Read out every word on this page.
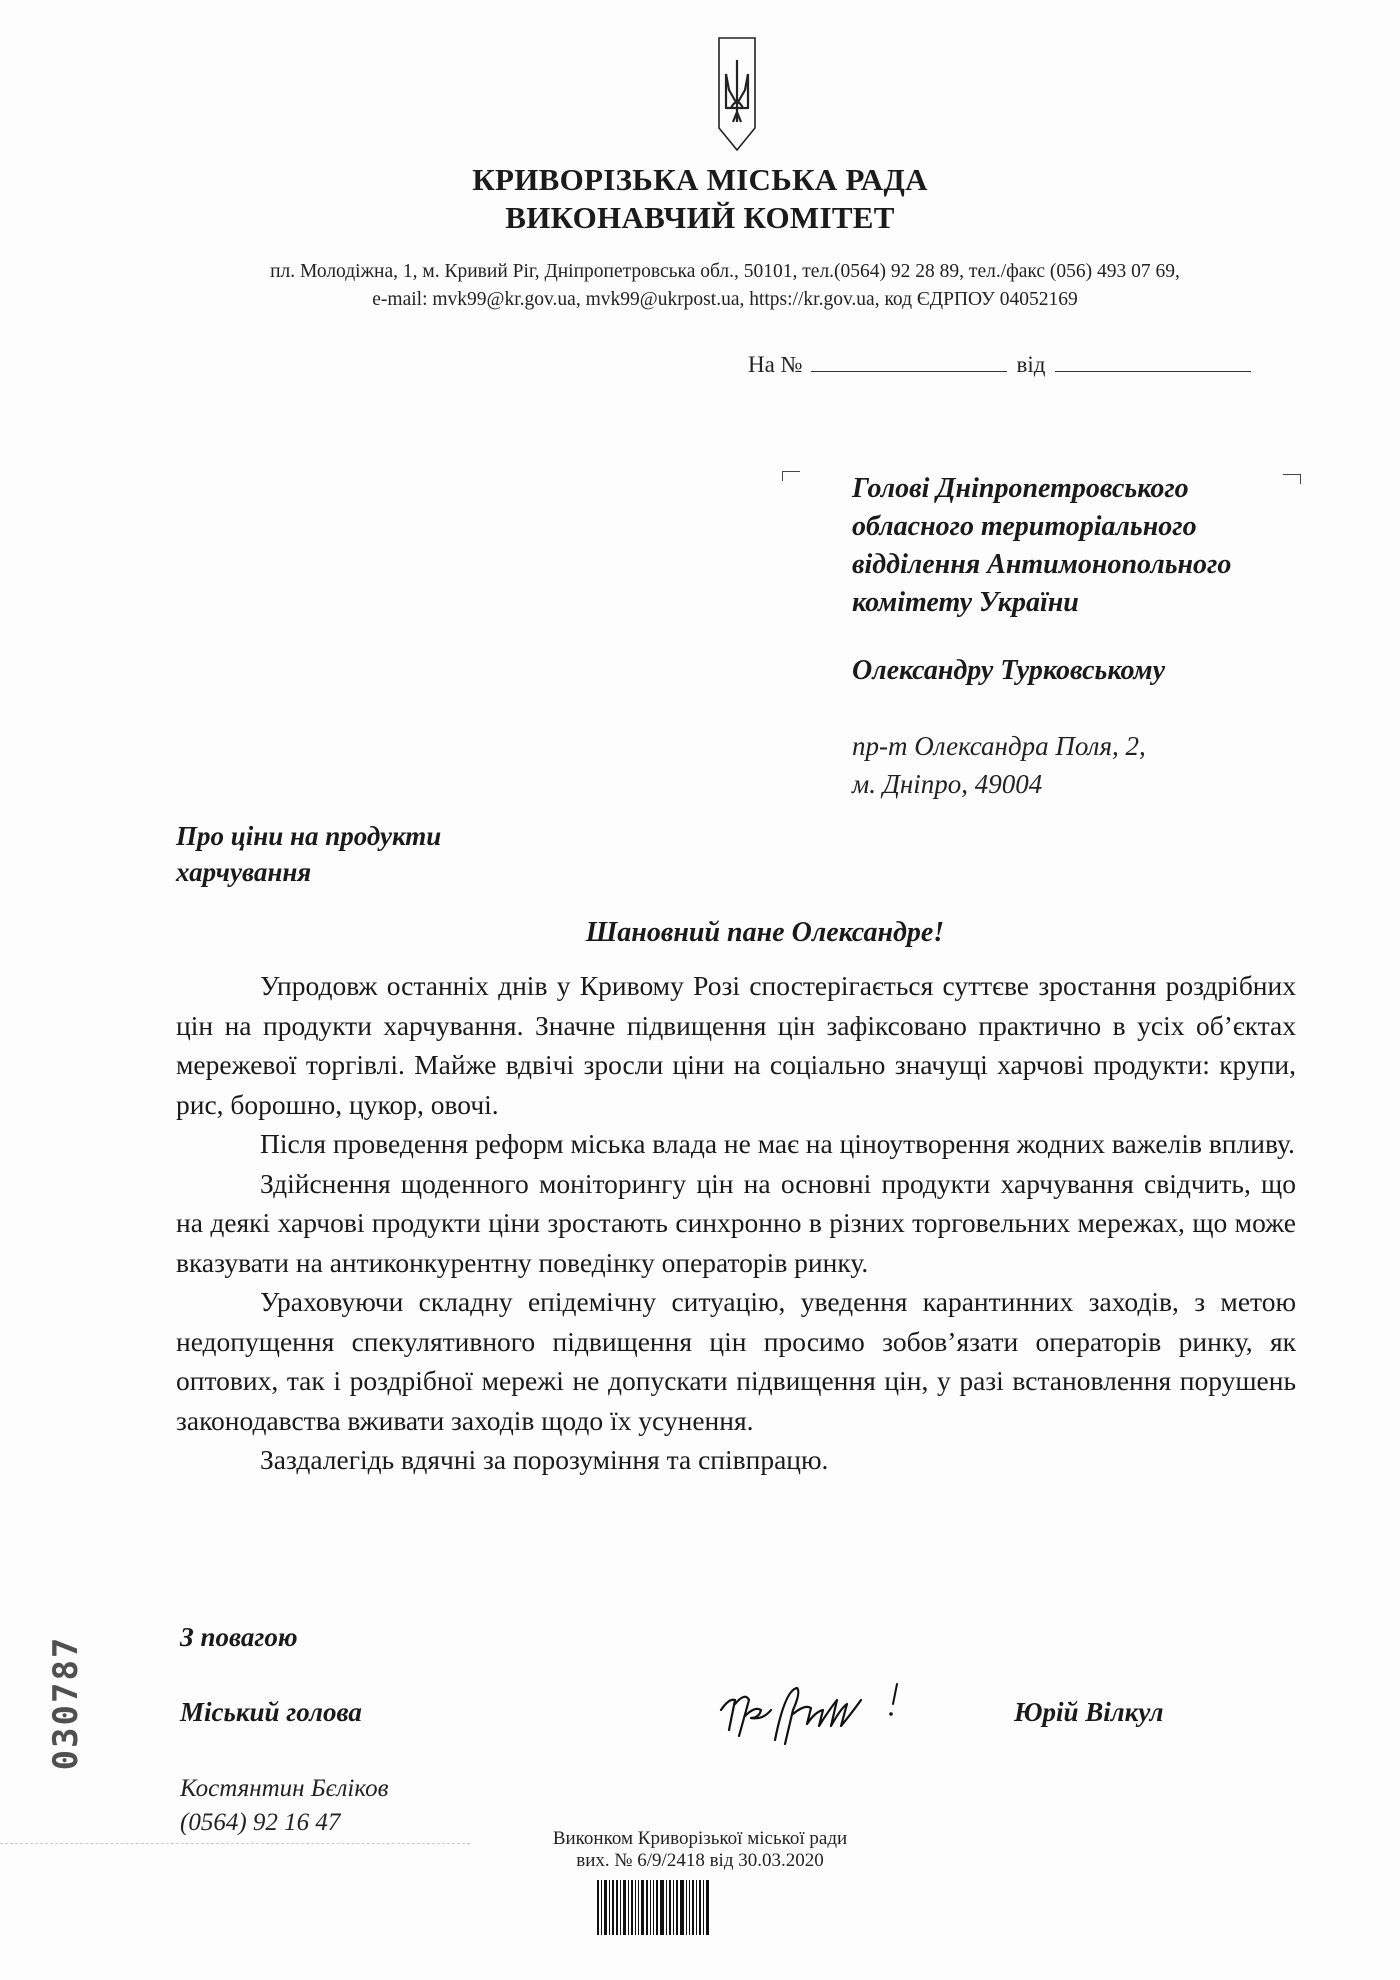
КРИВОРІЗЬКА МІСЬКА РАДА
ВИКОНАВЧИЙ КОМІТЕТ
пл. Молодіжна, 1, м. Кривий Ріг, Дніпропетровська обл., 50101, тел.(0564) 92 28 89, тел./факс (056) 493 07 69,
e-mail: mvk99@kr.gov.ua, mvk99@ukrpost.ua, https://kr.gov.ua, код ЄДРПОУ 04052169
На №	від
Голові Дніпропетровського
обласного територіального
відділення Антимонопольного
комітету України
Олександру Турковському
пр-т Олександра Поля, 2,
м. Дніпро, 49004
Про ціни на продукти
харчування
Шановний пане Олександре!

Упродовж останніх днів у Кривому Розі спостерігається суттєве зростання роздрібних цін на продукти харчування. Значне підвищення цін зафіксовано практично в усіх об’єктах мережевої торгівлі. Майже вдвічі зросли ціни на соціально значущі харчові продукти: крупи, рис, борошно, цукор, овочі.

Після проведення реформ міська влада не має на ціноутворення жодних важелів впливу.

Здійснення щоденного моніторингу цін на основні продукти харчування свідчить, що на деякі харчові продукти ціни зростають синхронно в різних торговельних мережах, що може вказувати на антиконкурентну поведінку операторів ринку.

Ураховуючи складну епідемічну ситуацію, уведення карантинних заходів, з метою недопущення спекулятивного підвищення цін просимо зобов’язати операторів ринку, як оптових, так і роздрібної мережі не допускати підвищення цін, у разі встановлення порушень законодавства вживати заходів щодо їх усунення.

Заздалегідь вдячні за порозуміння та співпрацю.

З повагою
Міський голова	Юрій Вілкул
Костянтин Бєліков
(0564) 92 16 47
030787
Виконком Криворізької міської ради
вих. № 6/9/2418 від 30.03.2020
